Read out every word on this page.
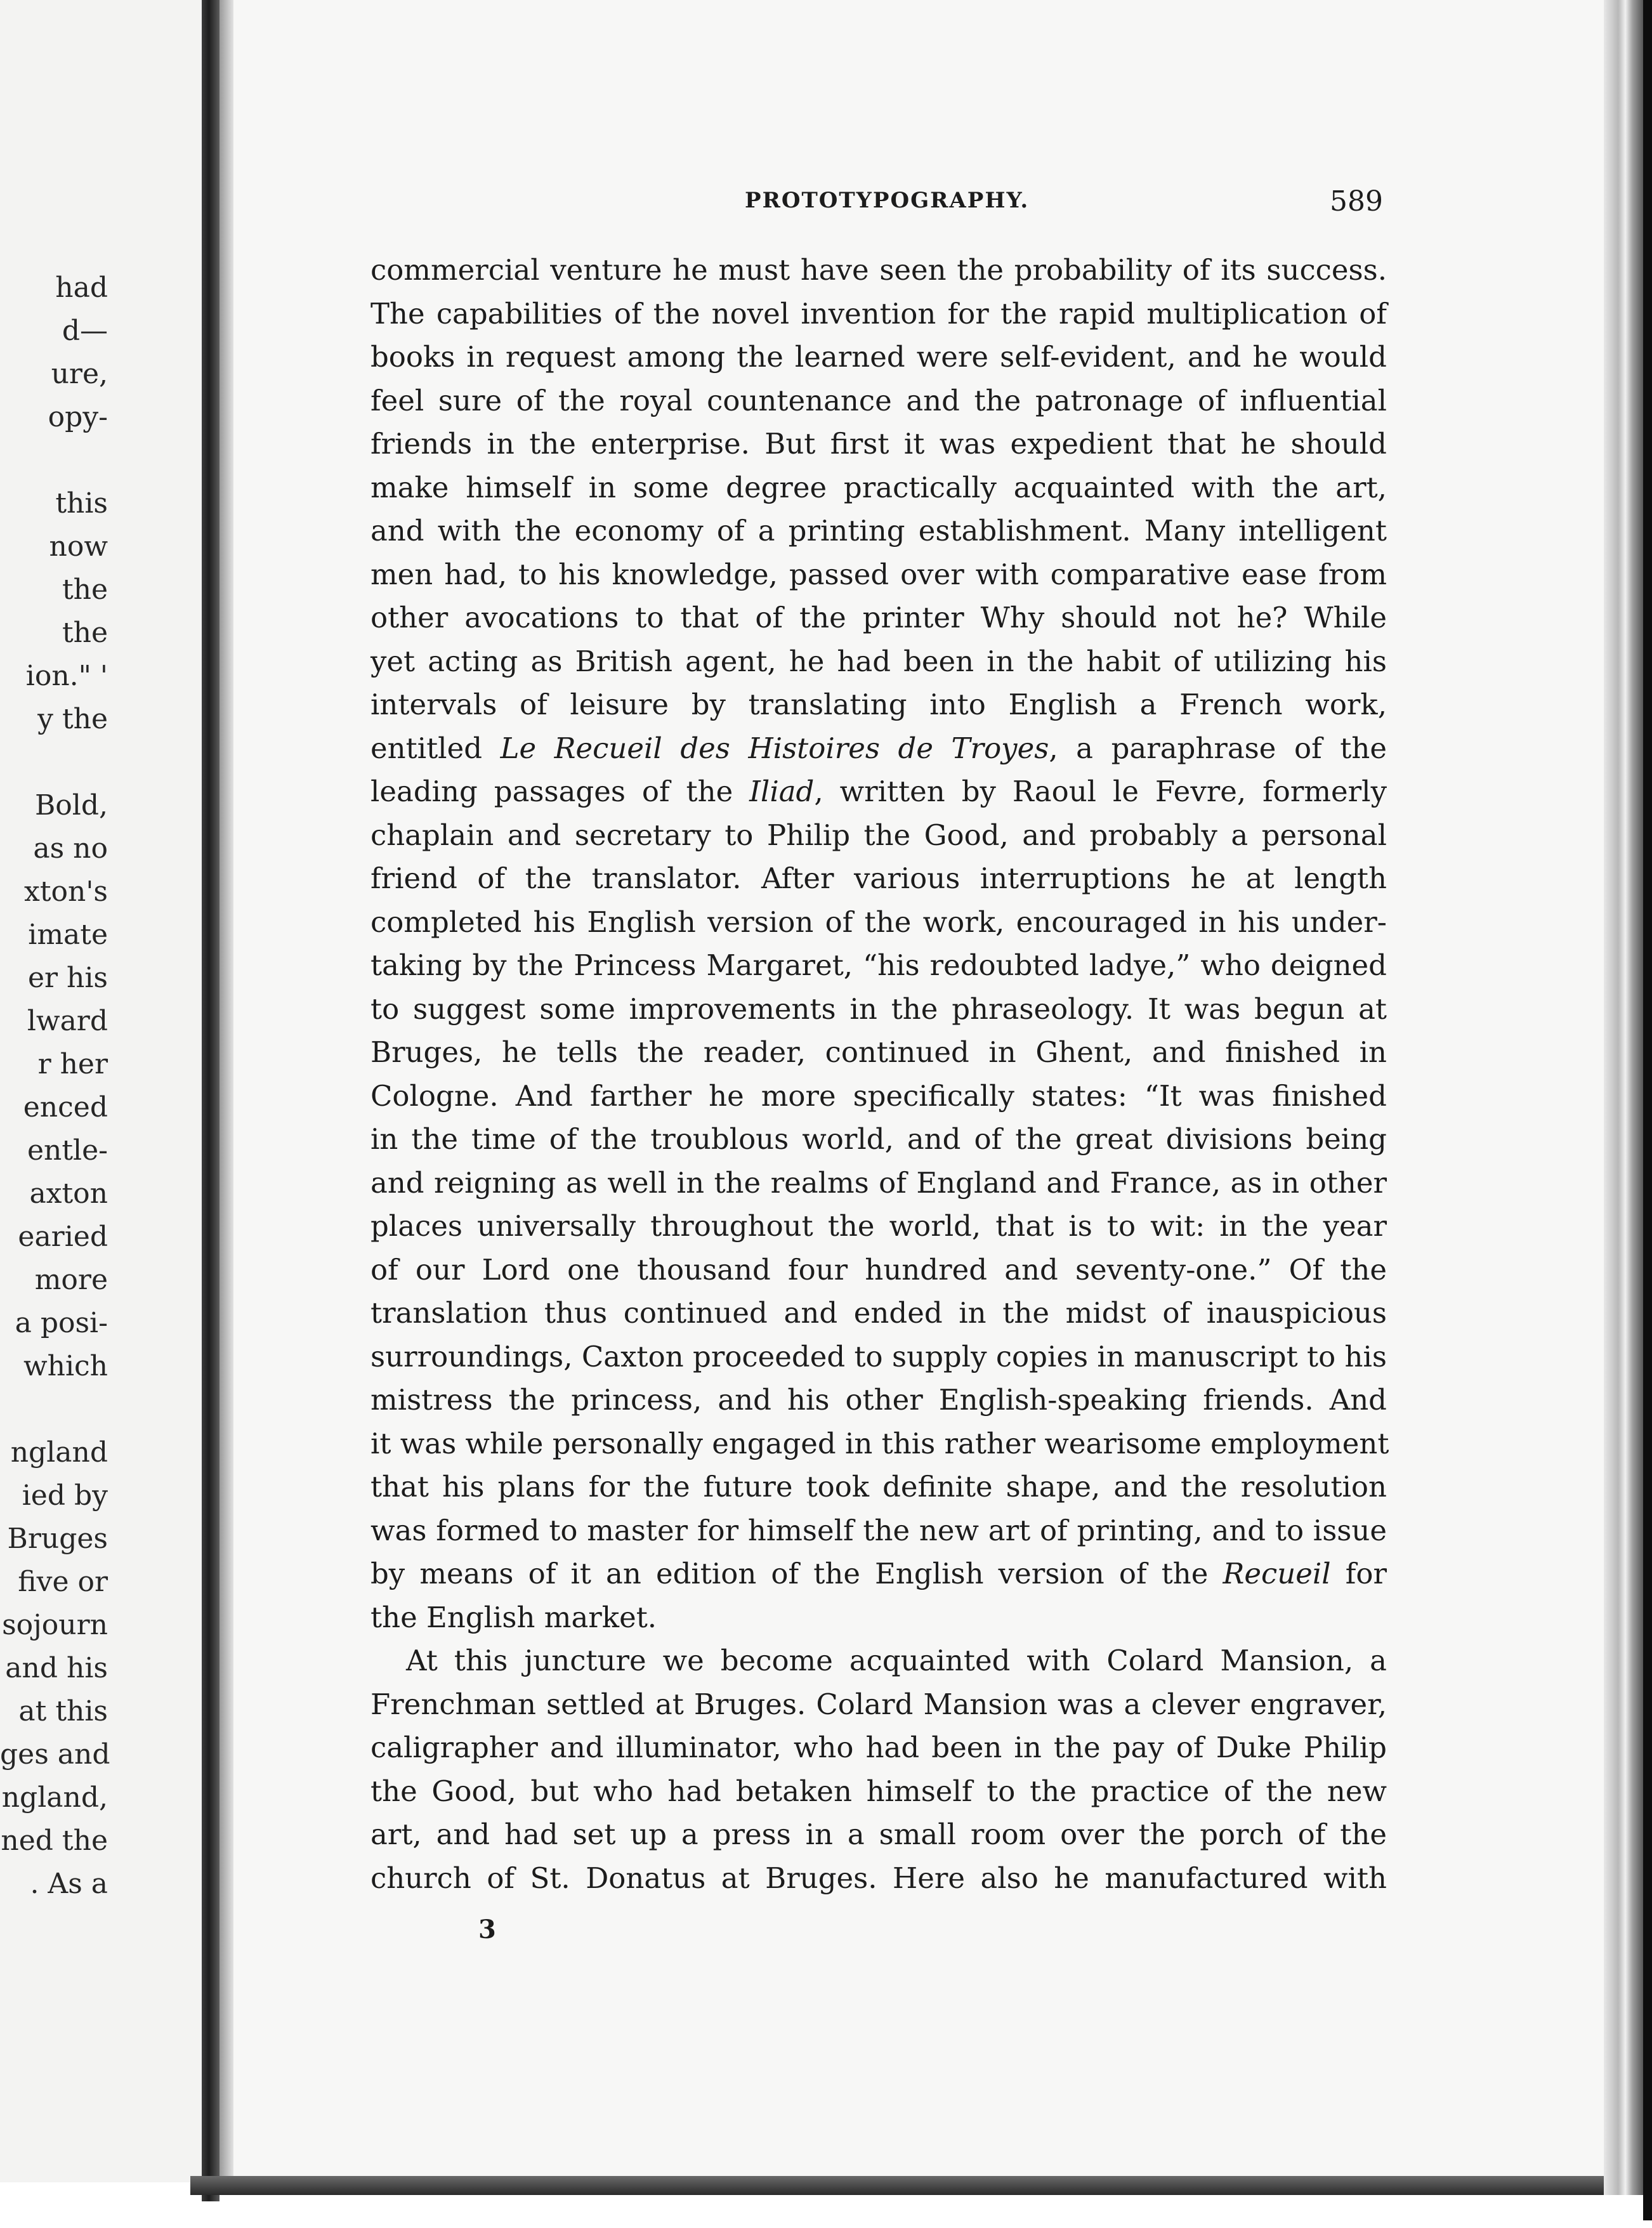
had
d—
ure,
opy-
this
now
the
the
ion." '
y the
Bold,
as no
xton's
imate
er his
lward
r her
enced
entle-
axton
earied
more
a posi-
which
ngland
ied by
Bruges
five or
sojourn
and his
at this
ges and
ngland,
ned the
. As a
PROTOTYPOGRAPHY.	589
commercial venture he must have seen the probability of its success.
The capabilities of the novel invention for the rapid multiplication of
books in request among the learned were self-evident, and he would
feel sure of the royal countenance and the patronage of influential
friends in the enterprise. But first it was expedient that he should
make himself in some degree practically acquainted with the art,
and with the economy of a printing establishment. Many intelligent
men had, to his knowledge, passed over with comparative ease from
other avocations to that of the printer Why should not he? While
yet acting as British agent, he had been in the habit of utilizing his
intervals of leisure by translating into English a French work,
entitled Le Recueil des Histoires de Troyes, a paraphrase of the
leading passages of the Iliad, written by Raoul le Fevre, formerly
chaplain and secretary to Philip the Good, and probably a personal
friend of the translator. After various interruptions he at length
completed his English version of the work, encouraged in his under-
taking by the Princess Margaret, “his redoubted ladye,” who deigned
to suggest some improvements in the phraseology. It was begun at
Bruges, he tells the reader, continued in Ghent, and finished in
Cologne. And farther he more specifically states: “It was finished
in the time of the troublous world, and of the great divisions being
and reigning as well in the realms of England and France, as in other
places universally throughout the world, that is to wit: in the year
of our Lord one thousand four hundred and seventy-one.” Of the
translation thus continued and ended in the midst of inauspicious
surroundings, Caxton proceeded to supply copies in manuscript to his
mistress the princess, and his other English-speaking friends. And
it was while personally engaged in this rather wearisome employment
that his plans for the future took definite shape, and the resolution
was formed to master for himself the new art of printing, and to issue
by means of it an edition of the English version of the Recueil for
the English market.
At this juncture we become acquainted with Colard Mansion, a
Frenchman settled at Bruges. Colard Mansion was a clever engraver,
caligrapher and illuminator, who had been in the pay of Duke Philip
the Good, but who had betaken himself to the practice of the new
art, and had set up a press in a small room over the porch of the
church of St. Donatus at Bruges. Here also he manufactured with
3
